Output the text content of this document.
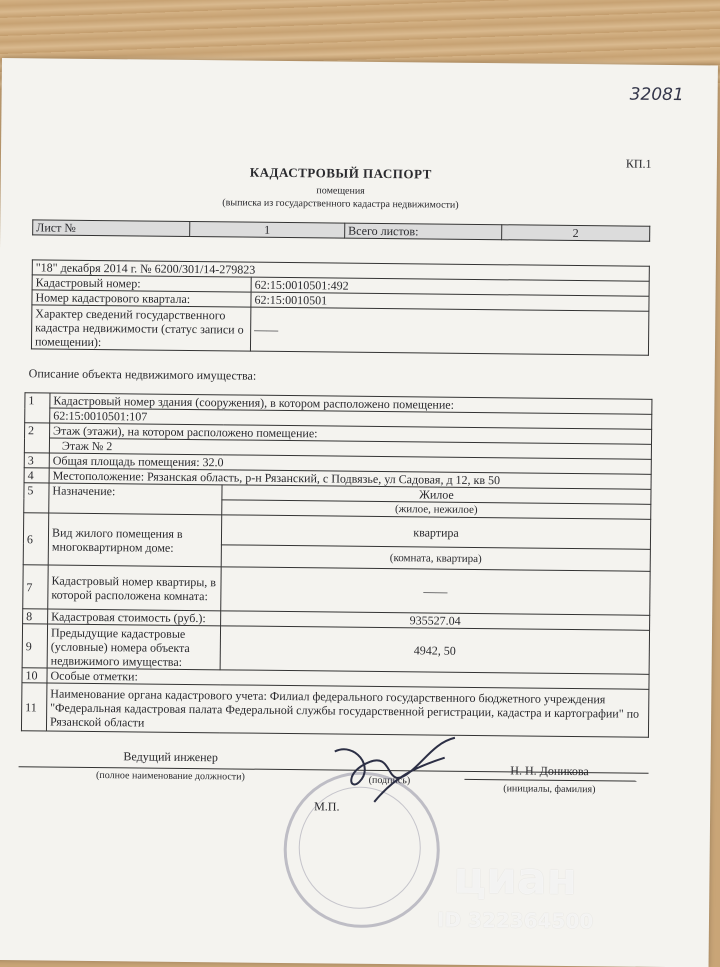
32081
КП.1
КАДАСТРОВЫЙ ПАСПОРТ
помещения
(выписка из государственного кадастра недвижимости)
Лист №	1	Всего листов:	2
"18" декабря 2014 г. № 6200/301/14-279823	
Кадастровый номер:	62:15:0010501:492
Номер кадастрового квартала:	62:15:0010501
Характер сведений государственного кадастра недвижимости (статус записи о помещении):	——
Описание объекта недвижимого имущества:
1	Кадастровый номер здания (сооружения), в котором расположено помещение:	
	62:15:0010501:107	
2	Этаж (этажи), на котором расположено помещение:	
	Этаж № 2	
3	Общая площадь помещения: 32.0	
4	Местоположение: Рязанская область, р-н Рязанский, с Подвязье, ул Садовая, д 12, кв 50	
5	Назначение:	Жилое
		(жилое, нежилое)
6	Вид жилого помещения в многоквартирном доме:	квартира
		(комната, квартира)
7	Кадастровый номер квартиры, в которой расположена комната:	——
8	Кадастровая стоимость (руб.):	935527.04
9	Предыдущие кадастровые (условные) номера объекта недвижимого имущества:	4942, 50
10	Особые отметки:	
11	Наименование органа кадастрового учета: Филиал федерального государственного бюджетного учреждения "Федеральная кадастровая палата Федеральной службы государственной регистрации, кадастра и картографии" по Рязанской области	
Ведущий инженер
(полное наименование должности)	(подпись)
Н. Н. Доникова
(инициалы, фамилия)
М.П.
циан
ID 322364500
